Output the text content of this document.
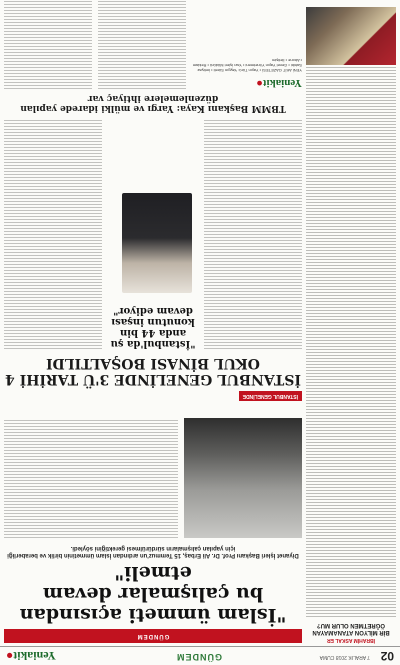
02
7 ARALIK 2018 CUMA
GÜNDEM
Yeniakit●
İBRAHİM ASKAL ER
BİR MİLYON ATANAMAYAN ÖĞRETMEN OLUR MU?
GÜNDEM
"İslam ümmeti açısından bu çalışmalar devam etmeli"
Diyanet İşleri Başkanı Prof. Dr. Ali Erbaş, 15 Temmuz'un ardından İslam ümmetinin birlik ve beraberliği için yapılan çalışmaların sürdürülmesi gerektiğini söyledi.
İSTANBUL GENELİNDE
İSTANBUL GENELİNDE 3'Ü TARİHİ 4 OKUL BİNASI BOŞALTILDI
"İstanbul'da şu anda 44 bin konutun inşası devam ediyor"
TBMM Başkanı Kaya: Yargı ve mülki idarede yapılan düzenlemelere ihtiyaç var
Yeniakit●
YENİ AKİT GAZETESİ • Yayın Türü: Yaygın Süreli • İmtiyaz Sahibi • Genel Yayın Yönetmeni • Yazı İşleri Müdürü • Reklam • Abone • İletişim
